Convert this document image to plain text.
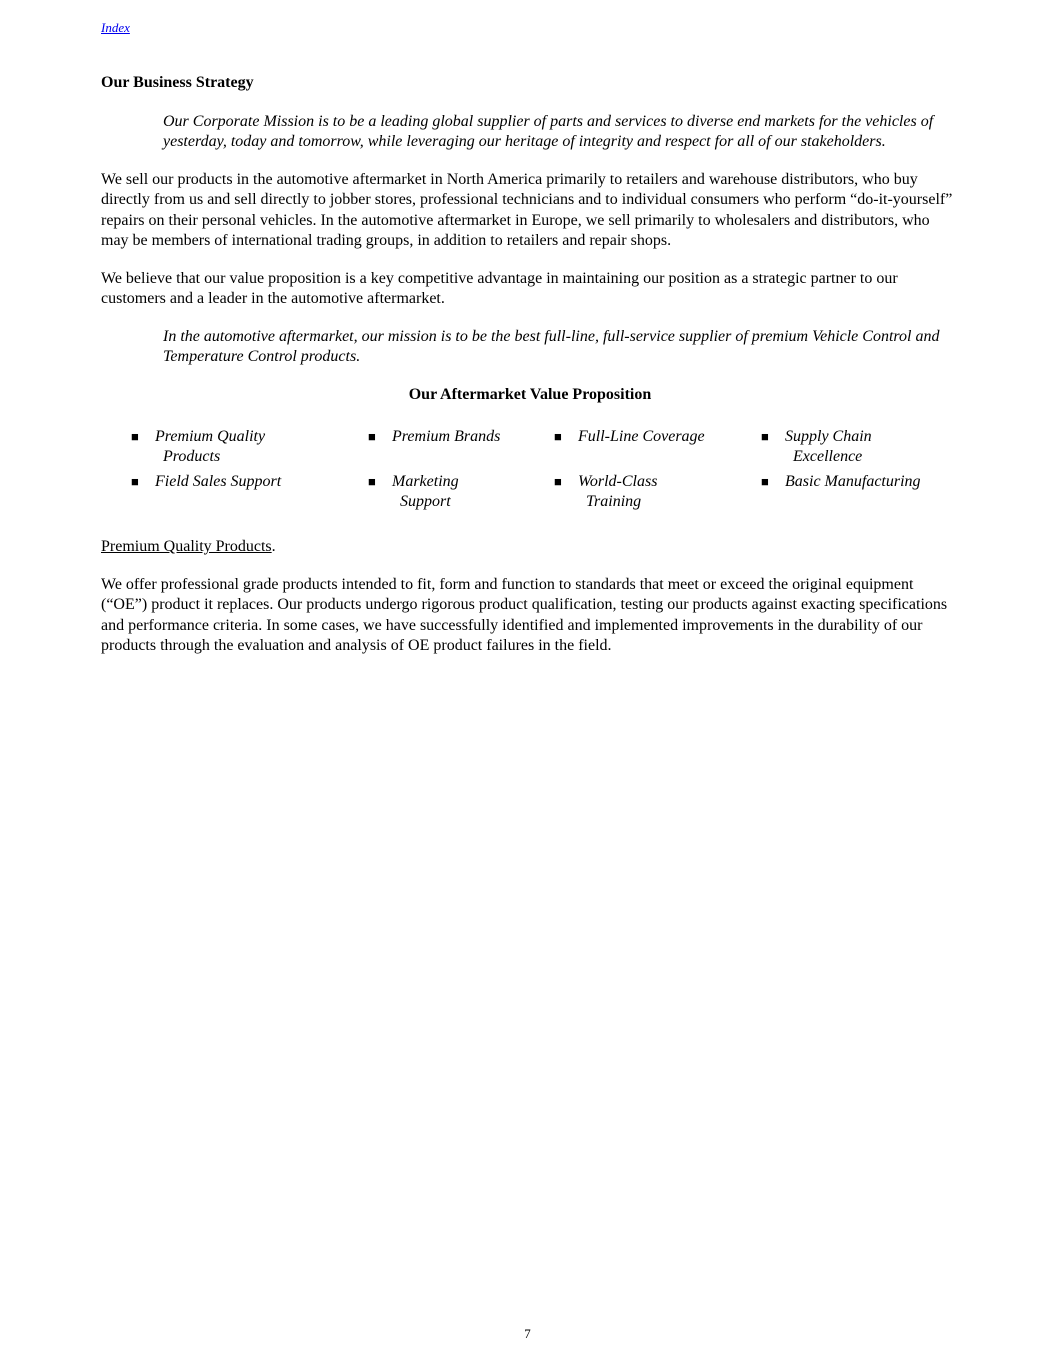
Index
Our Business Strategy
Our Corporate Mission is to be a leading global supplier of parts and services to diverse end markets for the vehicles of yesterday, today and tomorrow, while leveraging our heritage of integrity and respect for all of our stakeholders.
We sell our products in the automotive aftermarket in North America primarily to retailers and warehouse distributors, who buy directly from us and sell directly to jobber stores, professional technicians and to individual consumers who perform “do-it-yourself” repairs on their personal vehicles. In the automotive aftermarket in Europe, we sell primarily to wholesalers and distributors, who may be members of international trading groups, in addition to retailers and repair shops.
We believe that our value proposition is a key competitive advantage in maintaining our position as a strategic partner to our customers and a leader in the automotive aftermarket.
In the automotive aftermarket, our mission is to be the best full-line, full-service supplier of premium Vehicle Control and Temperature Control products.
Our Aftermarket Value Proposition
■	Premium Quality
Products
■	Premium Brands	■	Full-Line Coverage	■	Supply Chain
Excellence
■	Field Sales Support	■	Marketing
Support
■	World-Class
Training
■	Basic Manufacturing
Premium Quality Products.
We offer professional grade products intended to fit, form and function to standards that meet or exceed the original equipment (“OE”) product it replaces. Our products undergo rigorous product qualification, testing our products against exacting specifications and performance criteria. In some cases, we have successfully identified and implemented improvements in the durability of our products through the evaluation and analysis of OE product failures in the field.
7
